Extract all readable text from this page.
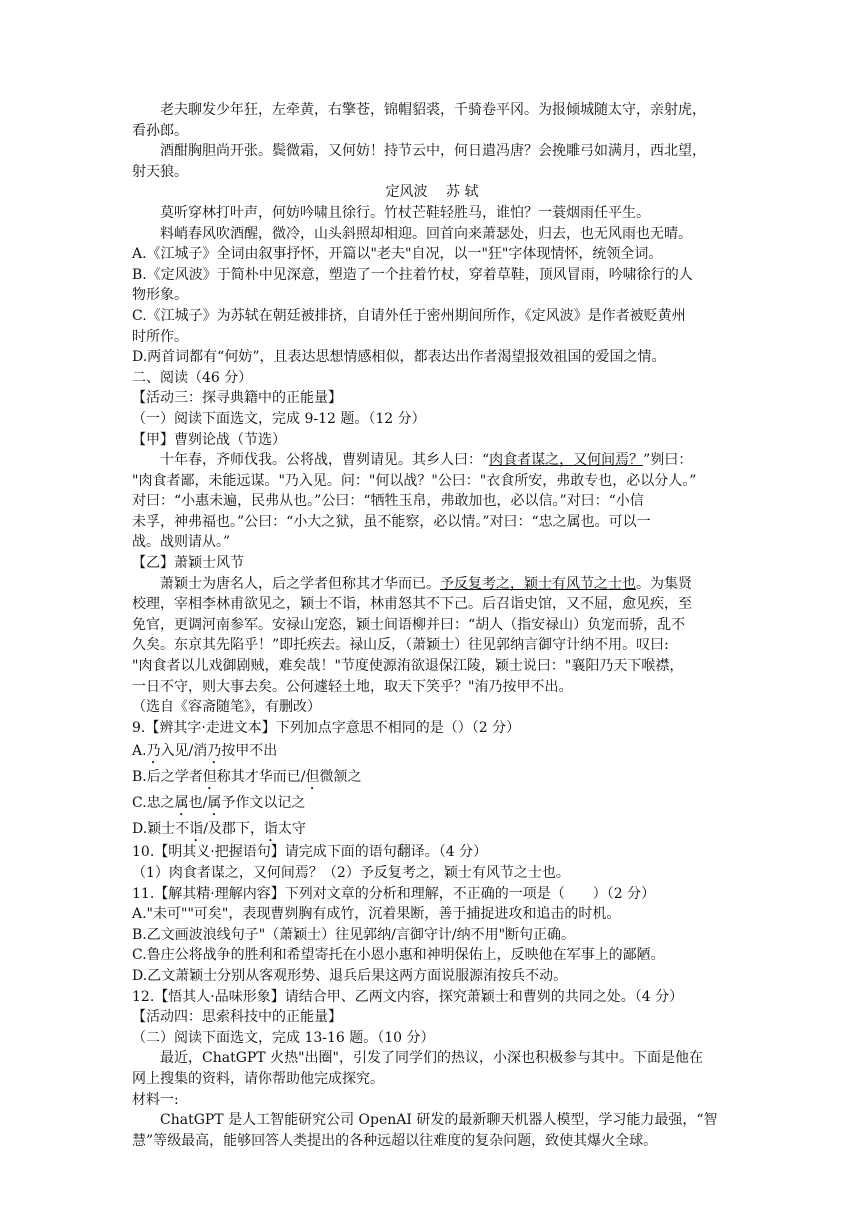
老夫聊发少年狂，左牵黄，右擎苍，锦帽貂裘，千骑卷平冈。为报倾城随太守，亲射虎，
看孙郎。
酒酣胸胆尚开张。鬓微霜，又何妨！持节云中，何日遣冯唐？会挽雕弓如满月，西北望，
射天狼。
定风波　 苏 轼
莫听穿林打叶声，何妨吟啸且徐行。竹杖芒鞋轻胜马，谁怕？一蓑烟雨任平生。
料峭春风吹酒醒，微冷，山头斜照却相迎。回首向来萧瑟处，归去，也无风雨也无晴。
A.《江城子》全词由叙事抒怀，开篇以"老夫"自况，以一"狂"字体现情怀，统领全词。
B.《定风波》于简朴中见深意，塑造了一个拄着竹杖，穿着草鞋，顶风冒雨，吟啸徐行的人
物形象。
C.《江城子》为苏轼在朝廷被排挤，自请外任于密州期间所作，《定风波》是作者被贬黄州
时所作。
D.两首词都有“何妨”，且表达思想情感相似，都表达出作者渴望报效祖国的爱国之情。
二、阅读（46 分）
【活动三：探寻典籍中的正能量】
（一）阅读下面选文，完成 9-12 题。（12 分）
【甲】曹刿论战（节选）
十年春，齐师伐我。公将战，曹刿请见。其乡人曰：“肉食者谋之，又何间焉？”刿曰：
"肉食者鄙，未能远谋。"乃入见。问："何以战？"公曰："衣食所安，弗敢专也，必以分人。”
对曰：“小惠未遍，民弗从也。”公曰：“牺牲玉帛，弗敢加也，必以信。”对曰：“小信
未孚，神弗福也。”公曰：“小大之狱，虽不能察，必以情。”对曰：“忠之属也。可以一
战。战则请从。”
【乙】萧颖士风节
萧颖士为唐名人，后之学者但称其才华而已。予反复考之，颖士有风节之士也。为集贤
校理，宰相李林甫欲见之，颖士不诣，林甫怒其不下己。后召诣史馆，又不屈，愈见疾，至
免官，更调河南参军。安禄山宠恣，颖士间语柳并曰：“胡人（指安禄山）负宠而骄，乱不
久矣。东京其先陷乎！”即托疾去。禄山反，（萧颖士）往见郭纳言御守计纳不用。叹曰:
"肉食者以儿戏御剧贼，难矣哉！"节度使源洧欲退保江陵，颖士说曰："襄阳乃天下喉襟，
一日不守，则大事去矣。公何遽轻土地，取天下笑乎？"洧乃按甲不出。
（选自《容斋随笔》，有删改）
9.【辨其字·走进文本】下列加点字意思不相同的是（）（2 分）
A.乃入见/消乃按甲不出
B.后之学者但称其才华而已/但微颔之
C.忠之属也/属予作文以记之
D.颖士不诣/及郡下，诣太守
10.【明其义·把握语句】请完成下面的语句翻译。（4 分）
（1）肉食者谋之，又何间焉？（2）予反复考之，颖士有风节之士也。
11.【解其精·理解内容】下列对文章的分析和理解，不正确的一项是（　　）（2 分）
A."未可""可矣"，表现曹刿胸有成竹，沉着果断，善于捕捉进攻和追击的时机。
B.乙文画波浪线句子"（萧颖士）往见郭纳/言御守计/纳不用"断句正确。
C.鲁庄公将战争的胜利和希望寄托在小恩小惠和神明保佑上，反映他在军事上的鄙陋。
D.乙文萧颖士分别从客观形势、退兵后果这两方面说服源洧按兵不动。
12.【悟其人·品味形象】请结合甲、乙两文内容，探究萧颖士和曹刿的共同之处。（4 分）
【活动四：思索科技中的正能量】
（二）阅读下面选文，完成 13-16 题。（10 分）
最近，ChatGPT 火热"出圈"，引发了同学们的热议，小深也积极参与其中。下面是他在
网上搜集的资料，请你帮助他完成探究。
材料一:
ChatGPT 是人工智能研究公司 OpenAI 研发的最新聊天机器人模型，学习能力最强，“智
慧”等级最高，能够回答人类提出的各种远超以往难度的复杂问题，致使其爆火全球。
